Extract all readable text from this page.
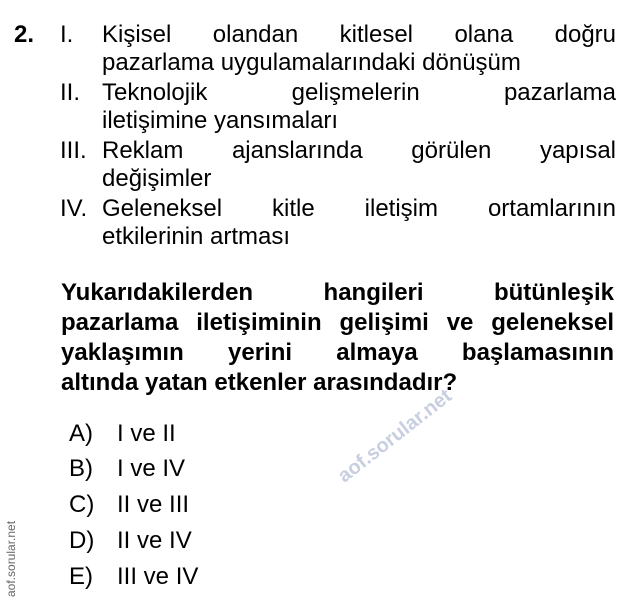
2. I. Kişisel olandan kitlesel olana doğru
pazarlama uygulamalarındaki dönüşüm
II. Teknolojik gelişmelerin pazarlama
iletişimine yansımaları
III. Reklam ajanslarında görülen yapısal
değişimler
IV. Geleneksel kitle iletişim ortamlarının
etkilerinin artması
Yukarıdakilerden hangileri bütünleşik
pazarlama iletişiminin gelişimi ve geleneksel
yaklaşımın yerini almaya başlamasının
altında yatan etkenler arasındadır?
A) I ve II
B) I ve IV
C) II ve III
D) II ve IV
E) III ve IV
aof.sorular.net
aof.sorular.net
